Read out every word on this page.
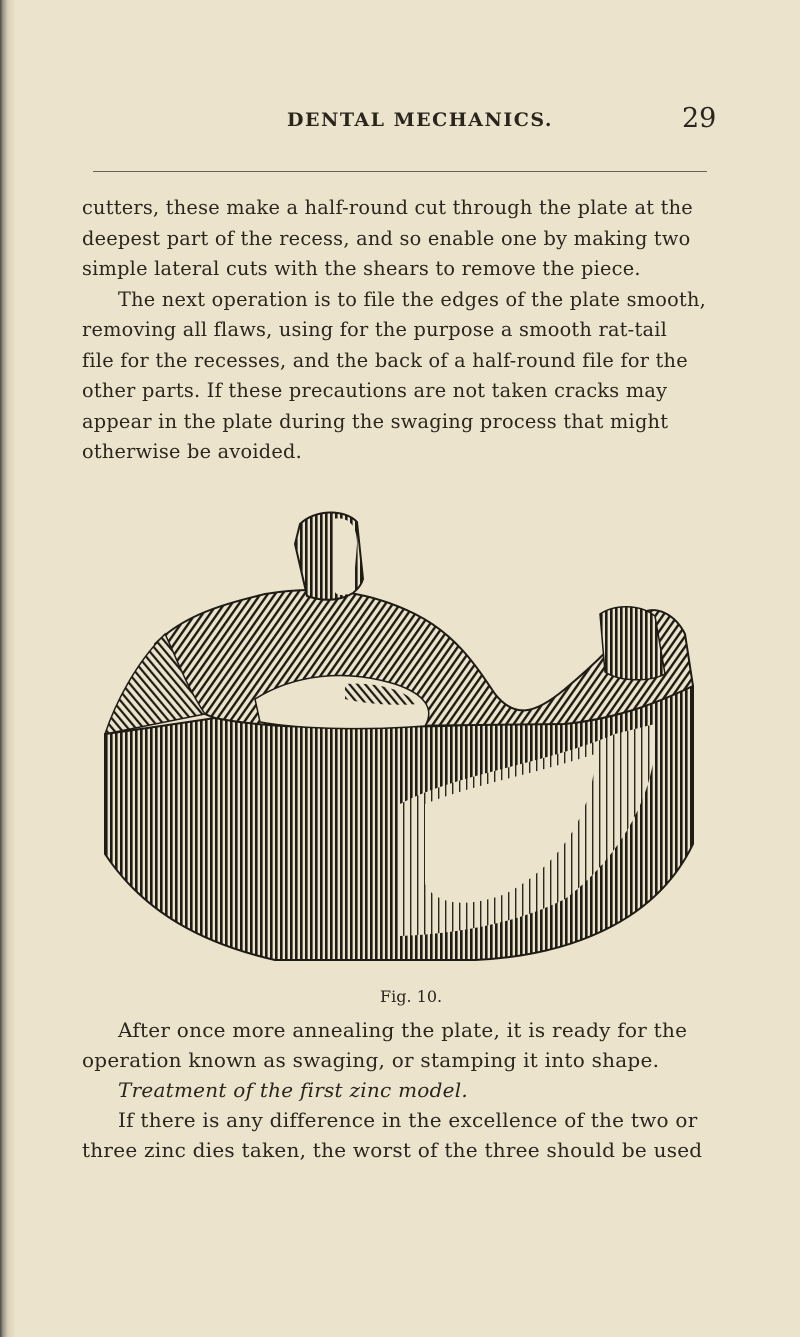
DENTAL MECHANICS.	29
cutters, these make a half-round cut through the plate at the
deepest part of the recess, and so enable one by making two
simple lateral cuts with the shears to remove the piece.
The next operation is to file the edges of the plate smooth,
removing all flaws, using for the purpose a smooth rat-tail
file for the recesses, and the back of a half-round file for the
other parts. If these precautions are not taken cracks may
appear in the plate during the swaging process that might
otherwise be avoided.
Fig. 10.
After once more annealing the plate, it is ready for the
operation known as swaging, or stamping it into shape.
Treatment of the first zinc model.
If there is any difference in the excellence of the two or
three zinc dies taken, the worst of the three should be used
